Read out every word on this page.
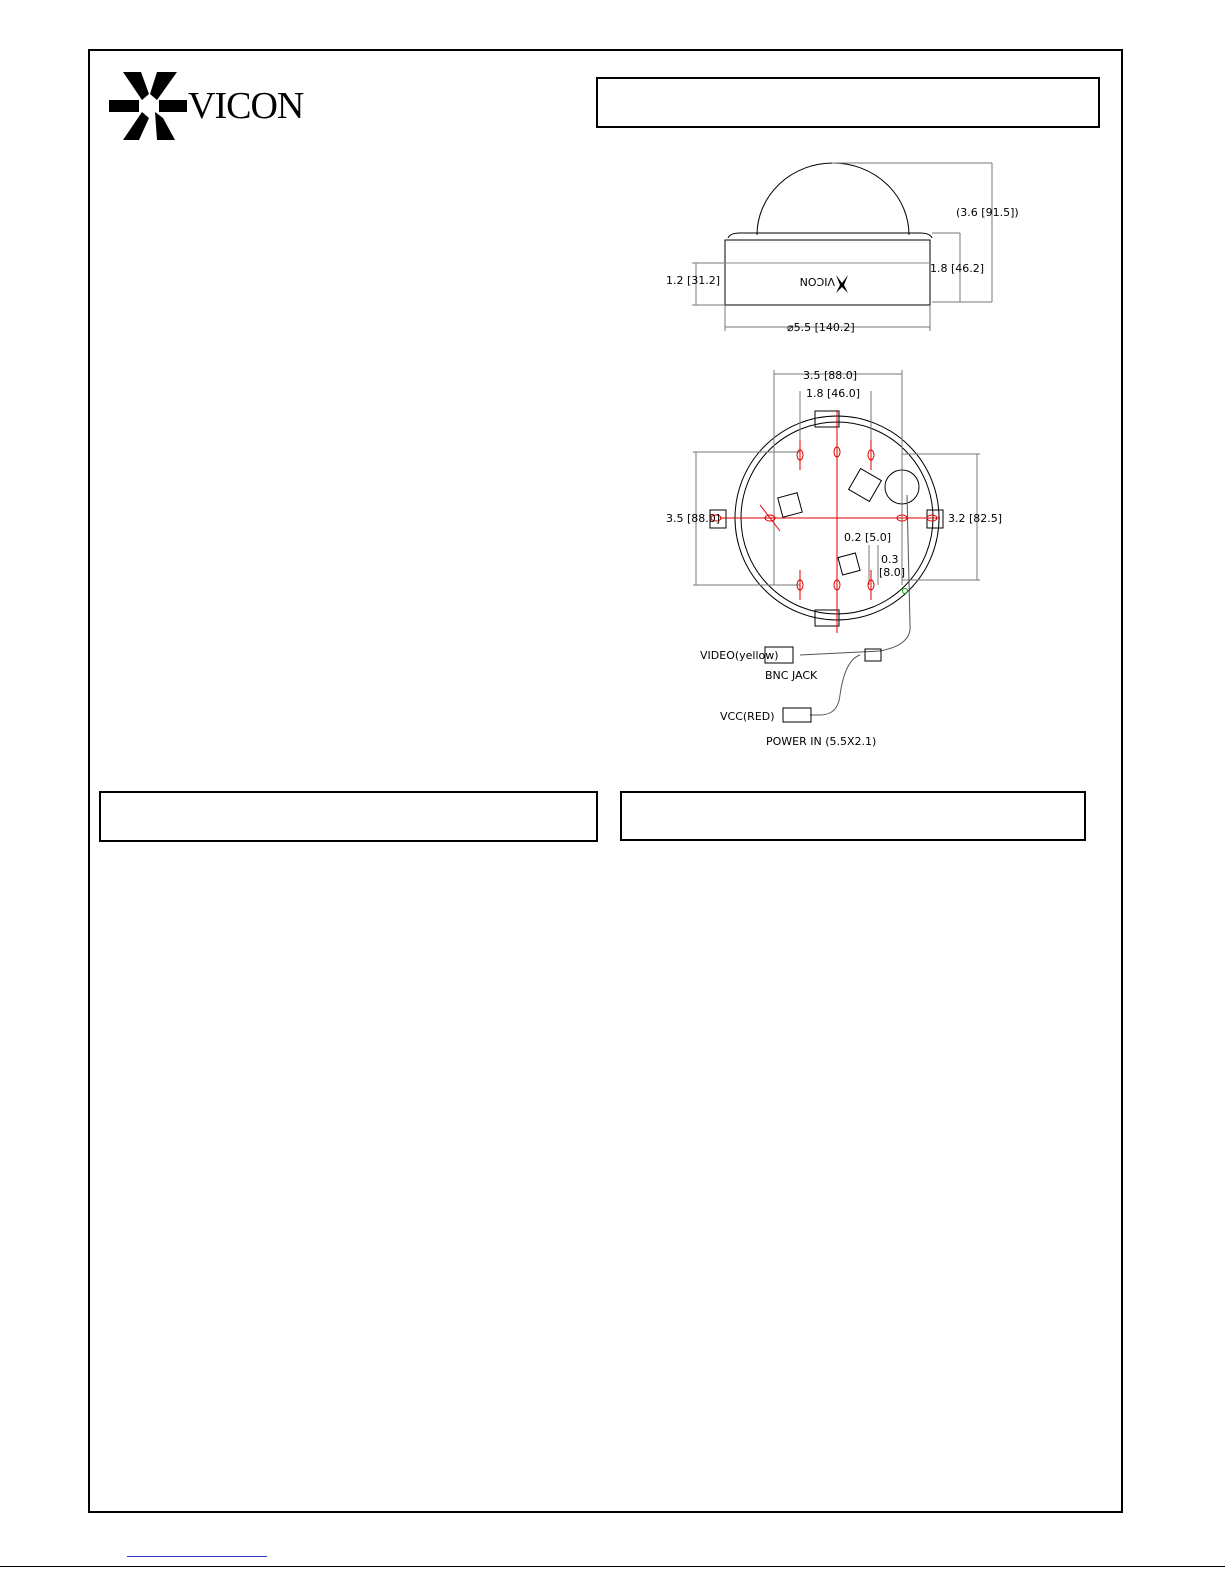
VICON
VICON
(3.6 [91.5])
1.8 [46.2]
1.2 [31.2]
⌀5.5 [140.2]
3.5 [88.0]
1.8 [46.0]
3.5 [88.0]	3.2 [82.5]
0.2 [5.0]
0.3
[8.0]
VIDEO(yellow)
BNC JACK
VCC(RED)
POWER IN (5.5X2.1)
